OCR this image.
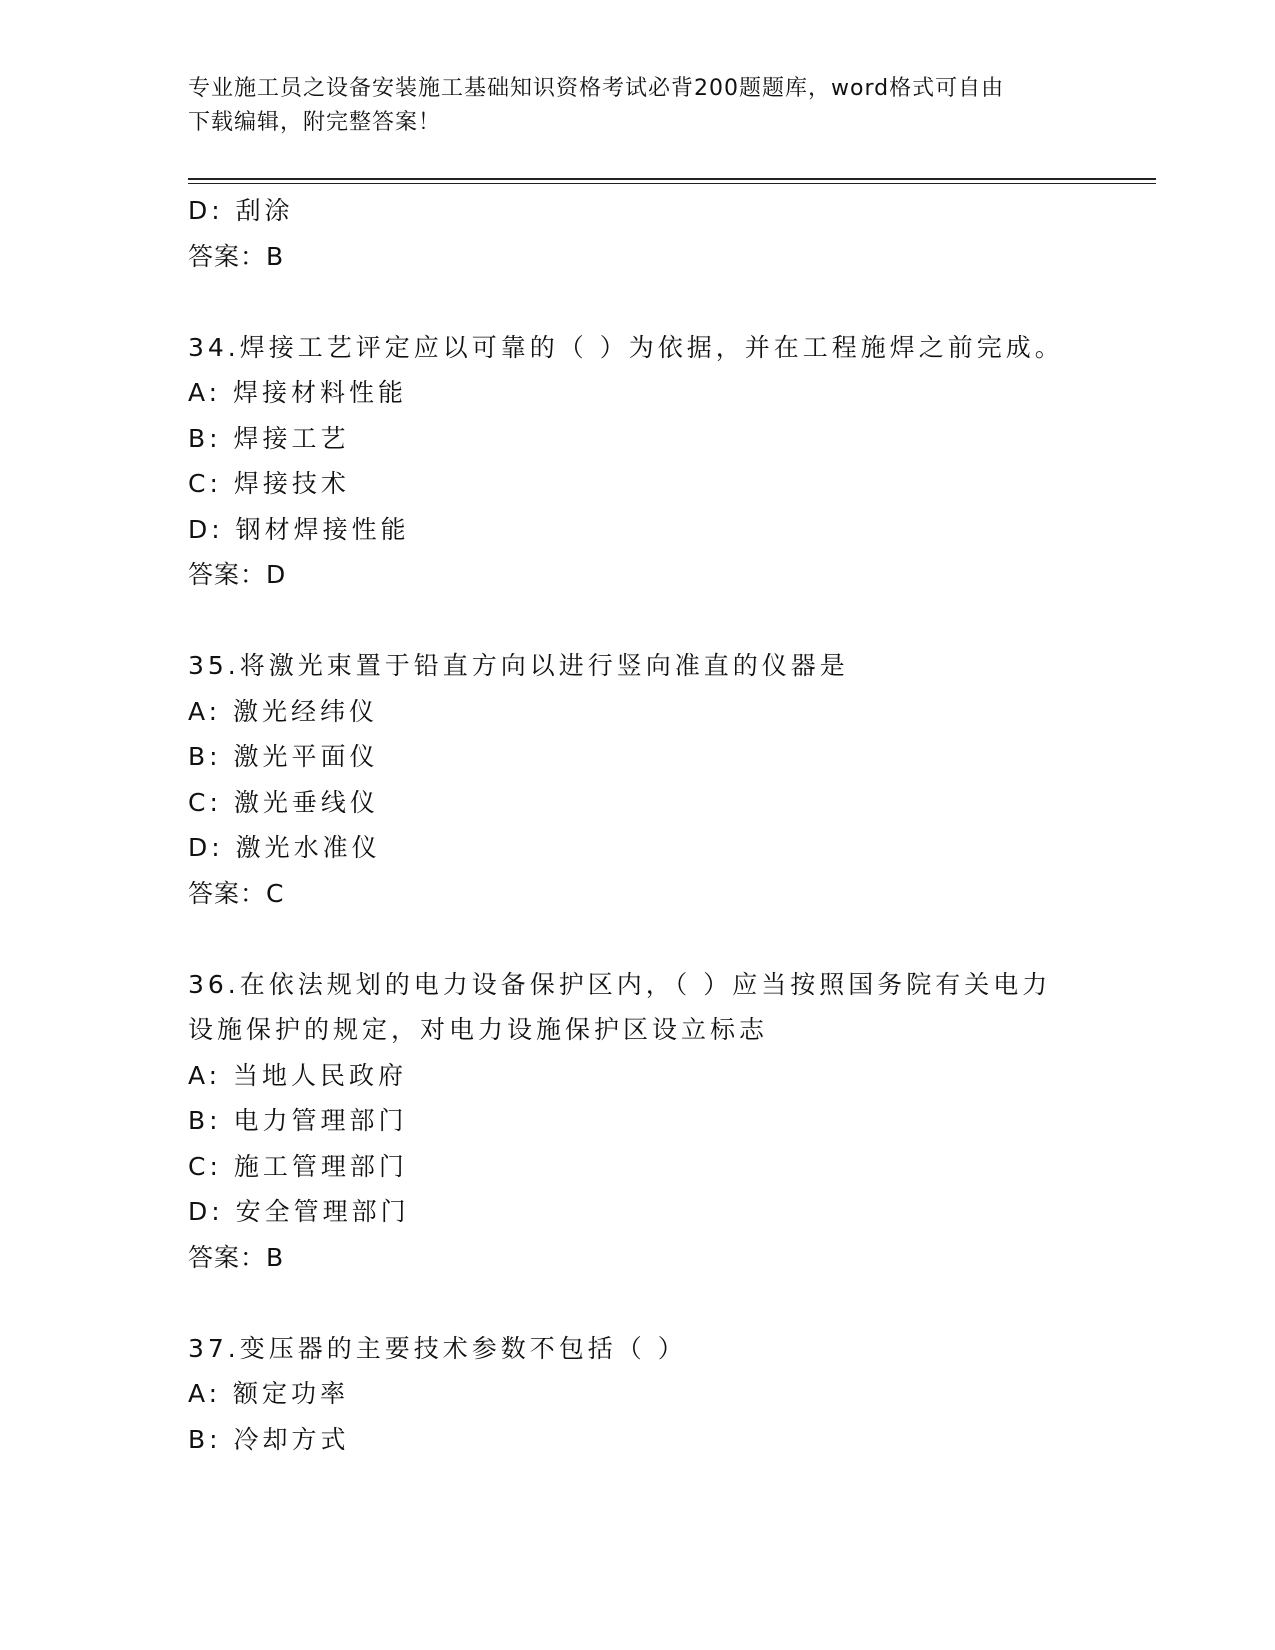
专业施工员之设备安装施工基础知识资格考试必背200题题库，word格式可自由
下载编辑，附完整答案！
D: 刮涂
答案：B
34.焊接工艺评定应以可靠的（ ）为依据，并在工程施焊之前完成。
A: 焊接材料性能
B: 焊接工艺
C: 焊接技术
D: 钢材焊接性能
答案：D
35.将激光束置于铅直方向以进行竖向准直的仪器是
A: 激光经纬仪
B: 激光平面仪
C: 激光垂线仪
D: 激光水准仪
答案：C
36.在依法规划的电力设备保护区内，（ ）应当按照国务院有关电力
设施保护的规定，对电力设施保护区设立标志
A: 当地人民政府
B: 电力管理部门
C: 施工管理部门
D: 安全管理部门
答案：B
37.变压器的主要技术参数不包括（ ）
A: 额定功率
B: 冷却方式
